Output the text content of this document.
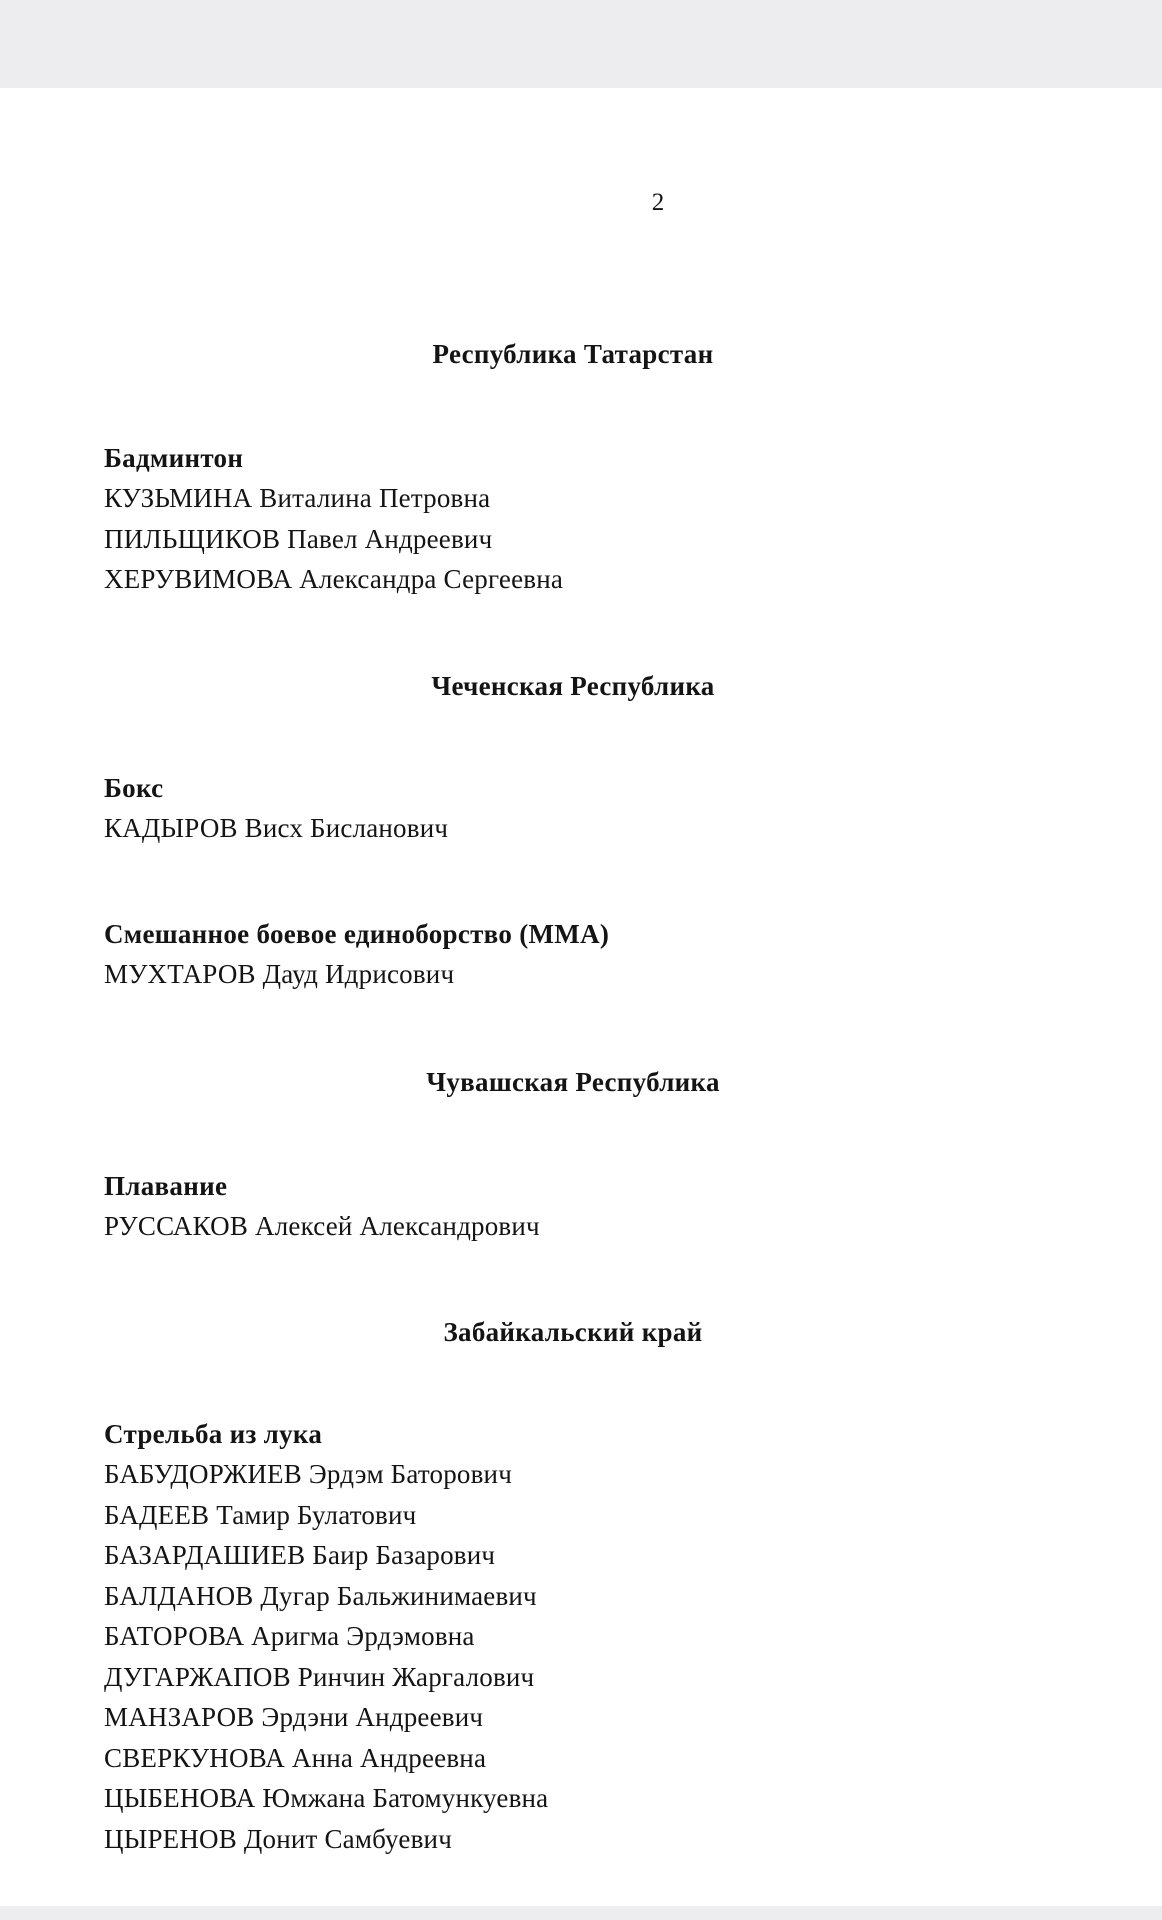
2
Республика Татарстан

Бадминтон

КУЗЬМИНА Виталина Петровна

ПИЛЬЩИКОВ Павел Андреевич

ХЕРУВИМОВА Александра Сергеевна

Чеченская Республика

Бокс

КАДЫРОВ Висх Бисланович

Смешанное боевое единоборство (ММА)

МУХТАРОВ Дауд Идрисович

Чувашская Республика

Плавание

РУССАКОВ Алексей Александрович

Забайкальский край

Стрельба из лука

БАБУДОРЖИЕВ Эрдэм Баторович

БАДЕЕВ Тамир Булатович

БАЗАРДАШИЕВ Баир Базарович

БАЛДАНОВ Дугар Бальжинимаевич

БАТОРОВА Аригма Эрдэмовна

ДУГАРЖАПОВ Ринчин Жаргалович

МАНЗАРОВ Эрдэни Андреевич

СВЕРКУНОВА Анна Андреевна

ЦЫБЕНОВА Юмжана Батомункуевна

ЦЫРЕНОВ Донит Самбуевич
